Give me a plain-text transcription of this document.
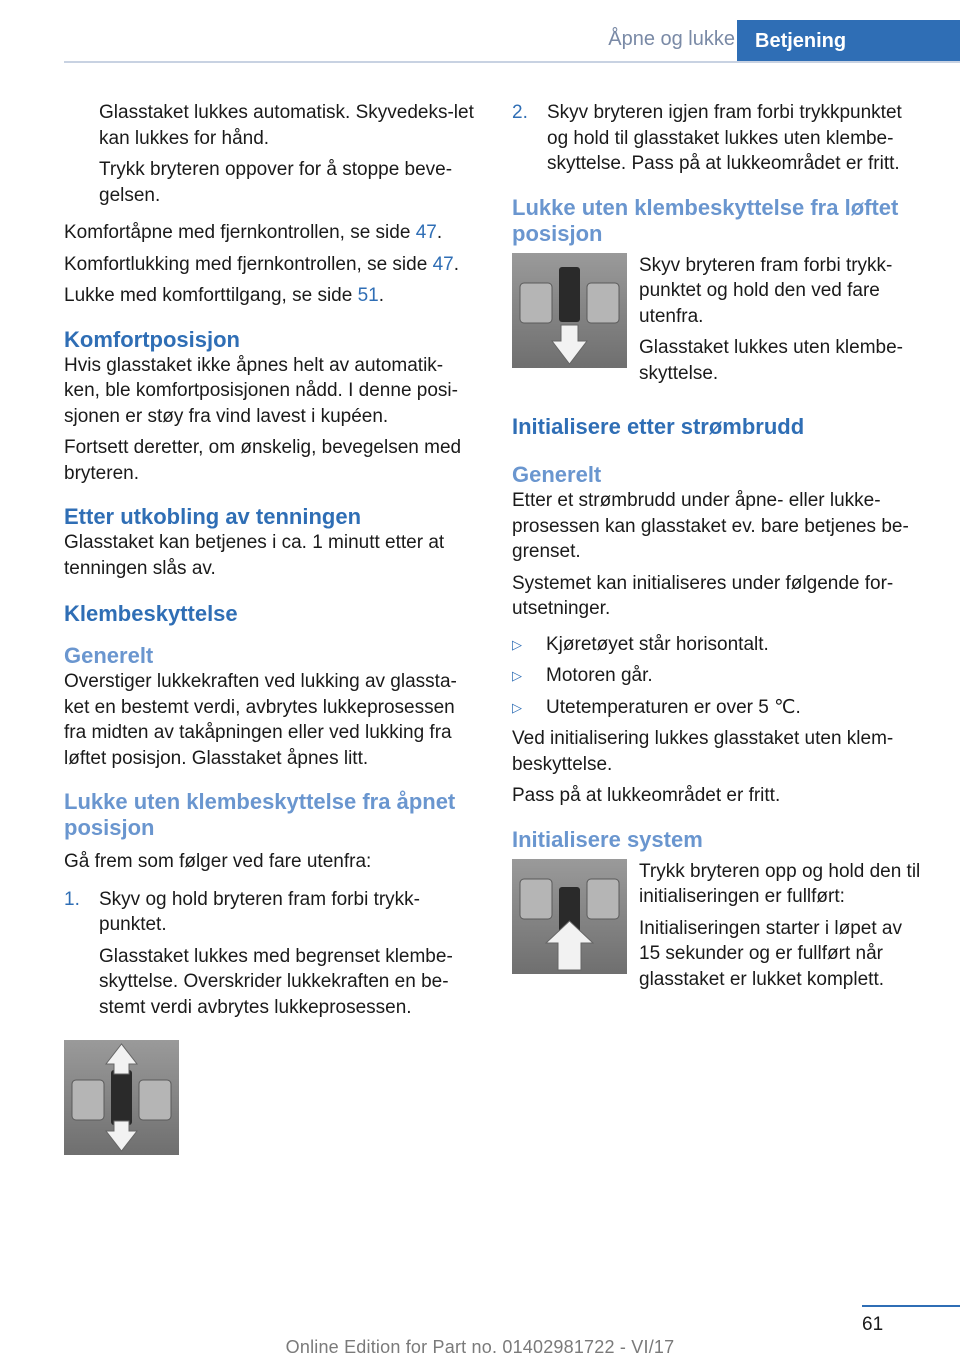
Åpne og lukke	Betjening

Glasstaket lukkes automatisk. Skyvedeks-let kan lukkes for hånd.

Trykk bryteren oppover for å stoppe beve-gelsen.

Komfortåpne med fjernkontrollen, se side 47.

Komfortlukking med fjernkontrollen, se side 47.

Lukke med komforttilgang, se side 51.

Komfortposisjon

Hvis glasstaket ikke åpnes helt av automatik-ken, ble komfortposisjonen nådd. I denne posi-sjonen er støy fra vind lavest i kupéen.

Fortsett deretter, om ønskelig, bevegelsen med bryteren.

Etter utkobling av tenningen

Glasstaket kan betjenes i ca. 1 minutt etter at tenningen slås av.

Klembeskyttelse
Generelt

Overstiger lukkekraften ved lukking av glassta-ket en bestemt verdi, avbrytes lukkeprosessen fra midten av takåpningen eller ved lukking fra løftet posisjon. Glasstaket åpnes litt.

Lukke uten klembeskyttelse fra åpnet posisjon

Gå frem som følger ved fare utenfra:

1.	Skyv og hold bryteren fram forbi trykk-punktet.

Glasstaket lukkes med begrenset klembe-skyttelse. Overskrider lukkekraften en be-stemt verdi avbrytes lukkeprosessen.

2.	Skyv bryteren igjen fram forbi trykkpunktet og hold til glasstaket lukkes uten klembe-skyttelse. Pass på at lukkeområdet er fritt.
Lukke uten klembeskyttelse fra løftet posisjon

Skyv bryteren fram forbi trykk-punktet og hold den ved fare utenfra.

Glasstaket lukkes uten klembe-skyttelse.

Initialisere etter strømbrudd
Generelt

Etter et strømbrudd under åpne- eller lukke-prosessen kan glasstaket ev. bare betjenes be-grenset.

Systemet kan initialiseres under følgende for-utsetninger.

▷	Kjøretøyet står horisontalt.
▷	Motoren går.
▷	Utetemperaturen er over 5 ℃.

Ved initialisering lukkes glasstaket uten klem-beskyttelse.

Pass på at lukkeområdet er fritt.

Initialisere system

Trykk bryteren opp og hold den til initialiseringen er fullført:

Initialiseringen starter i løpet av 15 sekunder og er fullført når glasstaket er lukket komplett.

61
Online Edition for Part no. 01402981722 - VI/17
